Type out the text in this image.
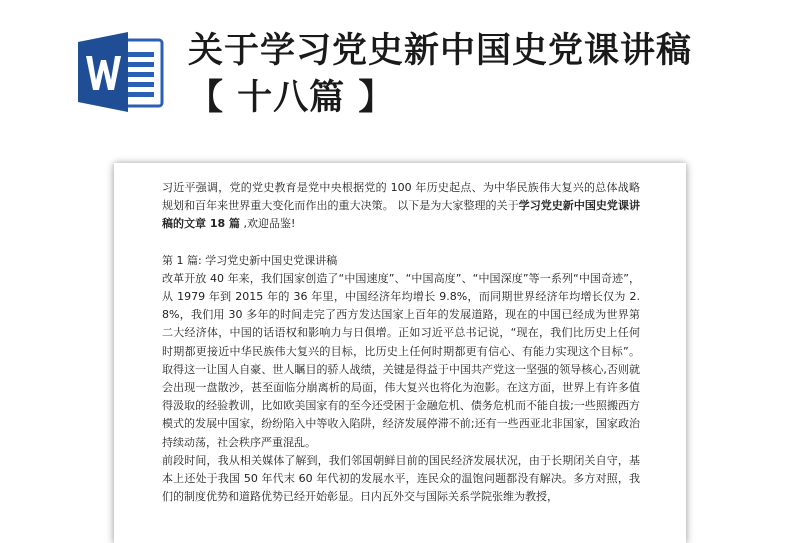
关于学习党史新中国史党课讲稿
【 十八篇 】

习近平强调，党的党史教育是党中央根据党的 100 年历史起点、为中华民族伟大复兴的总体战略规划和百年来世界重大变化而作出的重大决策。 以下是为大家整理的关于学习党史新中国史党课讲稿的文章 18 篇 ,欢迎品鉴!

第 1 篇: 学习党史新中国史党课讲稿

改革开放 40 年来，我们国家创造了“中国速度”、“中国高度”、“中国深度”等一系列“中国奇迹”，从 1979 年到 2015 年的 36 年里，中国经济年均增长 9.8%，而同期世界经济年均增长仅为 2.8%，我们用 30 多年的时间走完了西方发达国家上百年的发展道路，现在的中国已经成为世界第二大经济体，中国的话语权和影响力与日俱增。正如习近平总书记说，“现在，我们比历史上任何时期都更接近中华民族伟大复兴的目标，比历史上任何时期都更有信心、有能力实现这个目标”。取得这一让国人自豪、世人瞩目的骄人战绩，关键是得益于中国共产党这一坚强的领导核心,否则就会出现一盘散沙，甚至面临分崩离析的局面，伟大复兴也将化为泡影。在这方面，世界上有许多值得汲取的经验教训，比如欧美国家有的至今还受困于金融危机、债务危机而不能自拔;一些照搬西方模式的发展中国家，纷纷陷入中等收入陷阱，经济发展停滞不前;还有一些西亚北非国家，国家政治持续动荡，社会秩序严重混乱。

前段时间，我从相关媒体了解到，我们邻国朝鲜目前的国民经济发展状况，由于长期闭关自守，基本上还处于我国 50 年代末 60 年代初的发展水平，连民众的温饱问题都没有解决。多方对照，我们的制度优势和道路优势已经开始彰显。日内瓦外交与国际关系学院张维为教授，
